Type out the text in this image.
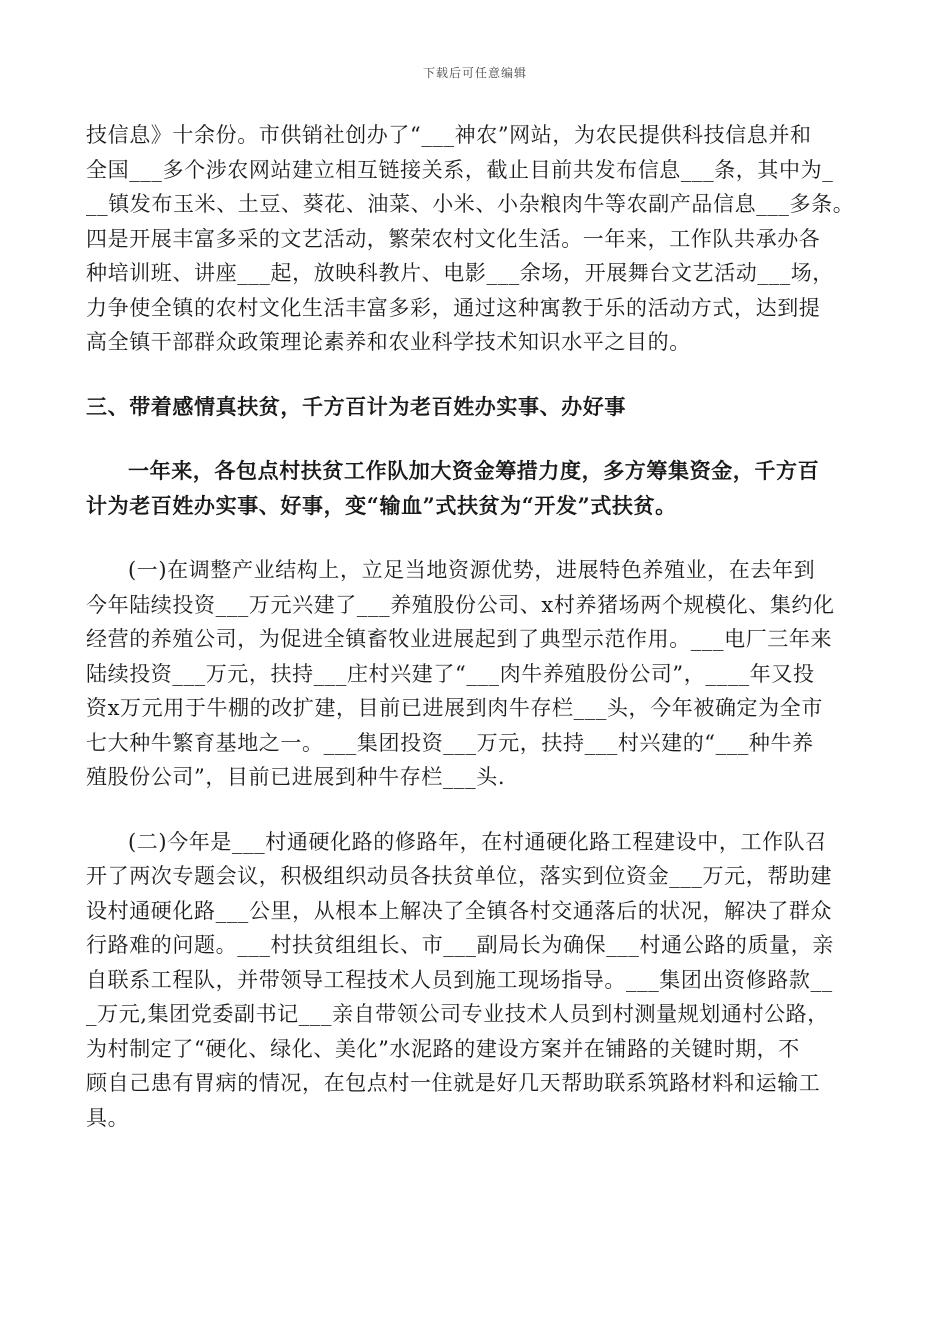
下载后可任意编辑
技信息》十余份。市供销社创办了“___神农”网站，为农民提供科技信息并和
全国___多个涉农网站建立相互链接关系，截止目前共发布信息___条，其中为_
__镇发布玉米、土豆、葵花、油菜、小米、小杂粮肉牛等农副产品信息___多条。
四是开展丰富多采的文艺活动，繁荣农村文化生活。一年来，工作队共承办各
种培训班、讲座___起，放映科教片、电影___余场，开展舞台文艺活动___场，
力争使全镇的农村文化生活丰富多彩，通过这种寓教于乐的活动方式，达到提
高全镇干部群众政策理论素养和农业科学技术知识水平之目的。
三、带着感情真扶贫，千方百计为老百姓办实事、办好事
一年来，各包点村扶贫工作队加大资金筹措力度，多方筹集资金，千方百
计为老百姓办实事、好事，变“输血”式扶贫为“开发”式扶贫。
(一)在调整产业结构上，立足当地资源优势，进展特色养殖业，在去年到
今年陆续投资___万元兴建了___养殖股份公司、x村养猪场两个规模化、集约化
经营的养殖公司，为促进全镇畜牧业进展起到了典型示范作用。___电厂三年来
陆续投资___万元，扶持___庄村兴建了“___肉牛养殖股份公司”，____年又投
资x万元用于牛棚的改扩建，目前已进展到肉牛存栏___头，今年被确定为全市
七大种牛繁育基地之一。___集团投资___万元，扶持___村兴建的“___种牛养
殖股份公司”，目前已进展到种牛存栏___头.
(二)今年是___村通硬化路的修路年，在村通硬化路工程建设中，工作队召
开了两次专题会议，积极组织动员各扶贫单位，落实到位资金___万元，帮助建
设村通硬化路___公里，从根本上解决了全镇各村交通落后的状况，解决了群众
行路难的问题。___村扶贫组组长、市___副局长为确保___村通公路的质量，亲
自联系工程队，并带领导工程技术人员到施工现场指导。___集团出资修路款__
_万元,集团党委副书记___亲自带领公司专业技术人员到村测量规划通村公路，
为村制定了“硬化、绿化、美化”水泥路的建设方案并在铺路的关键时期，不
顾自己患有胃病的情况，在包点村一住就是好几天帮助联系筑路材料和运输工
具。
